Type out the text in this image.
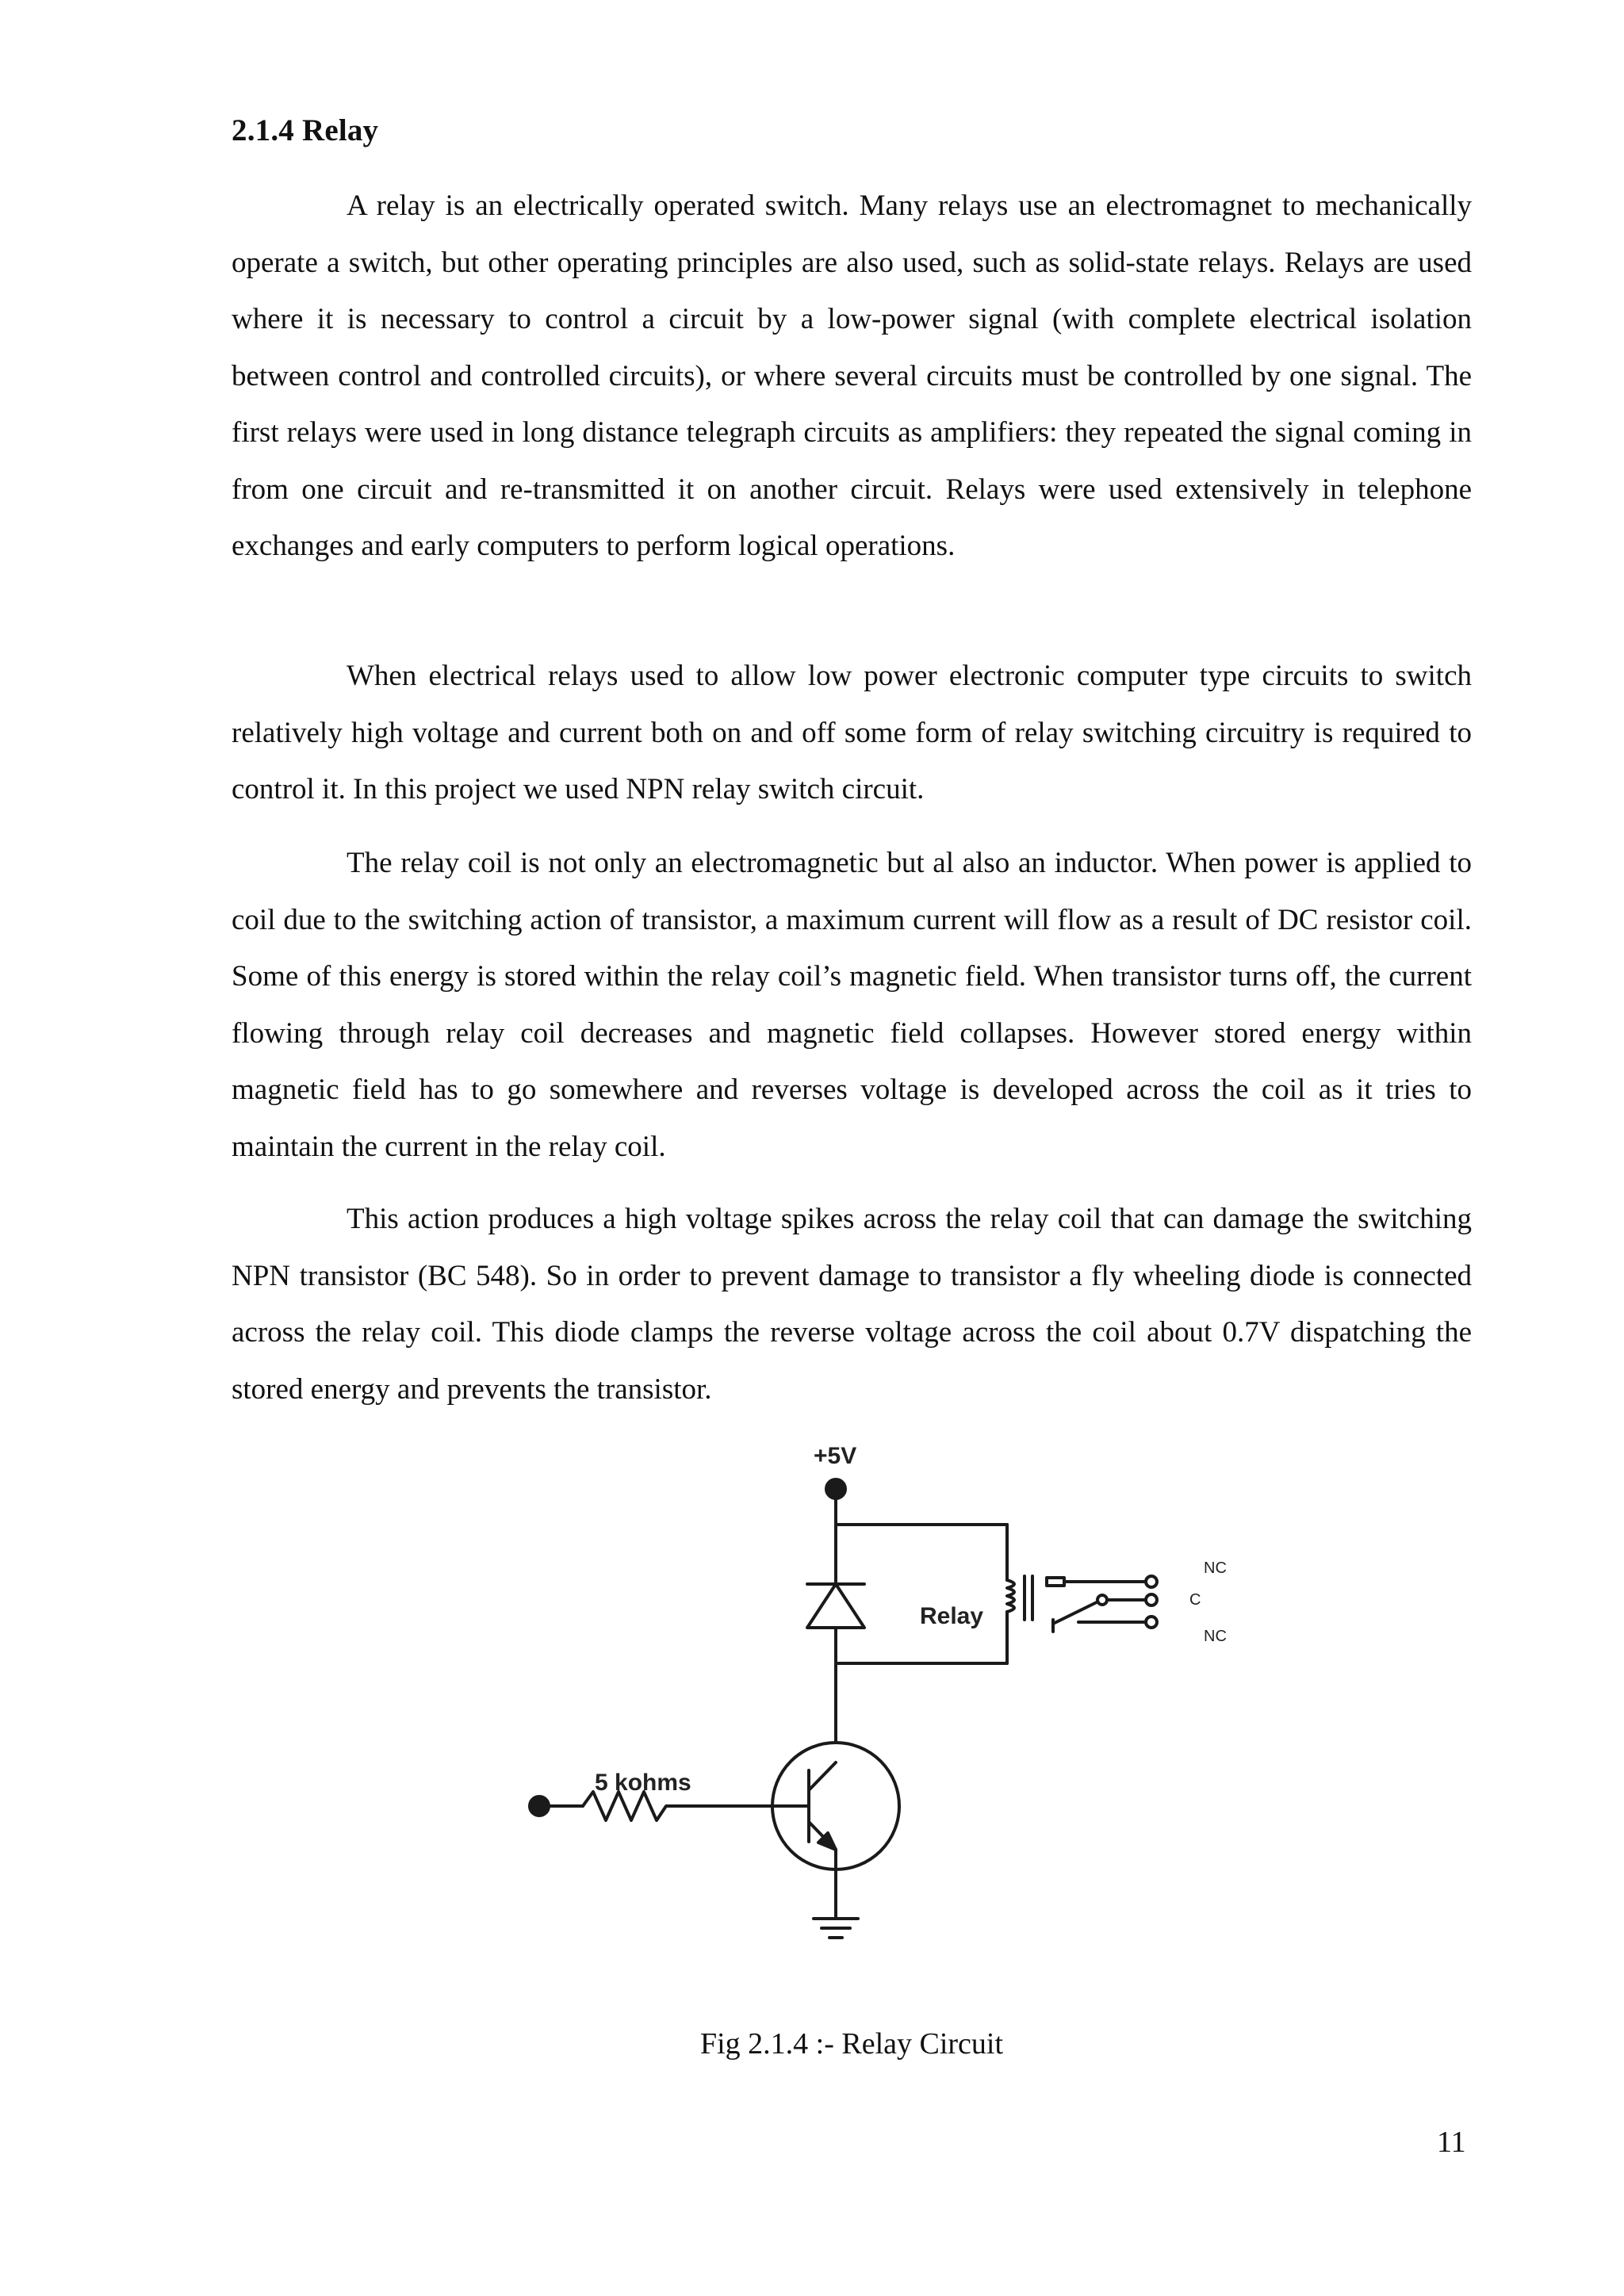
2.1.4 Relay

A relay is an electrically operated switch. Many relays use an electromagnet to mechanically operate a switch, but other operating principles are also used, such as solid-state relays. Relays are used where it is necessary to control a circuit by a low-power signal (with complete electrical isolation between control and controlled circuits), or where several circuits must be controlled by one signal. The first relays were used in long distance telegraph circuits as amplifiers: they repeated the signal coming in from one circuit and re-transmitted it on another circuit. Relays were used extensively in telephone exchanges and early computers to perform logical operations.

When electrical relays used to allow low power electronic computer type circuits to switch relatively high voltage and current both on and off some form of relay switching circuitry is required to control it. In this project we used NPN relay switch circuit.

The relay coil is not only an electromagnetic but al also an inductor. When power is applied to coil due to the switching action of transistor, a maximum current will flow as a result of DC resistor coil. Some of this energy is stored within the relay coil’s magnetic field. When transistor turns off, the current flowing through relay coil decreases and magnetic field collapses. However stored energy within magnetic field has to go somewhere and reverses voltage is developed across the coil as it tries to maintain the current in the relay coil.

This action produces a high voltage spikes across the relay coil that can damage the switching NPN transistor (BC 548). So in order to prevent damage to transistor a fly wheeling diode is connected across the relay coil. This diode clamps the reverse voltage across the coil about 0.7V dispatching the stored energy and prevents the transistor.

+5V
Relay
NC
C
NC
5 kohms
Fig 2.1.4 :- Relay Circuit
11
